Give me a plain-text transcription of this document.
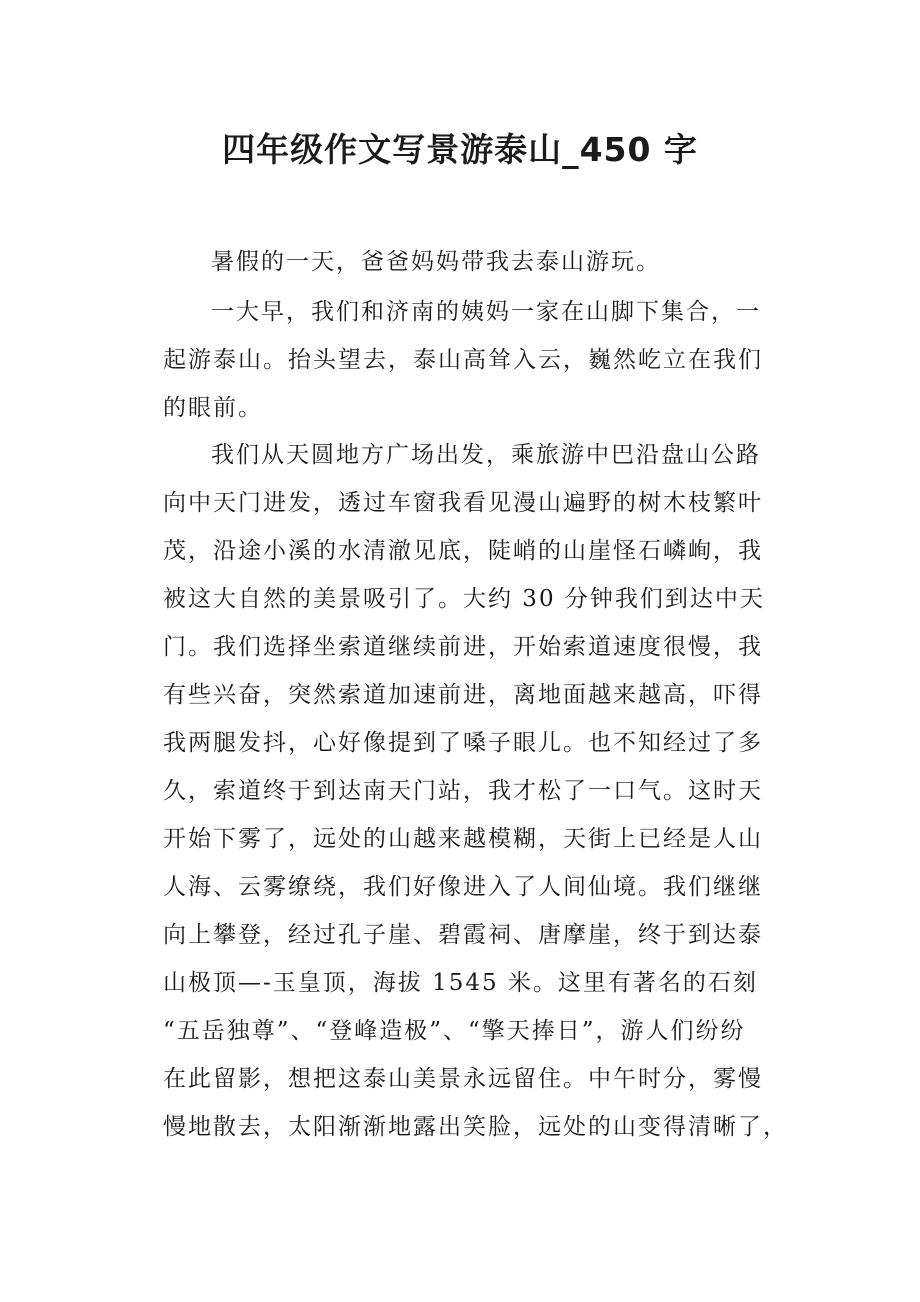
四年级作文写景游泰山_450 字
暑假的一天，爸爸妈妈带我去泰山游玩。
一大早，我们和济南的姨妈一家在山脚下集合，一
起游泰山。抬头望去，泰山高耸入云，巍然屹立在我们
的眼前。
我们从天圆地方广场出发，乘旅游中巴沿盘山公路
向中天门进发，透过车窗我看见漫山遍野的树木枝繁叶
茂，沿途小溪的水清澈见底，陡峭的山崖怪石嶙峋，我
被这大自然的美景吸引了。大约 30 分钟我们到达中天
门。我们选择坐索道继续前进，开始索道速度很慢，我
有些兴奋，突然索道加速前进，离地面越来越高，吓得
我两腿发抖，心好像提到了嗓子眼儿。也不知经过了多
久，索道终于到达南天门站，我才松了一口气。这时天
开始下雾了，远处的山越来越模糊，天街上已经是人山
人海、云雾缭绕，我们好像进入了人间仙境。我们继继
向上攀登，经过孔子崖、碧霞祠、唐摩崖，终于到达泰
山极顶—-玉皇顶，海拔 1545 米。这里有著名的石刻
“五岳独尊”、“登峰造极”、“擎天捧日”，游人们纷纷
在此留影，想把这泰山美景永远留住。中午时分，雾慢
慢地散去，太阳渐渐地露出笑脸，远处的山变得清晰了，
